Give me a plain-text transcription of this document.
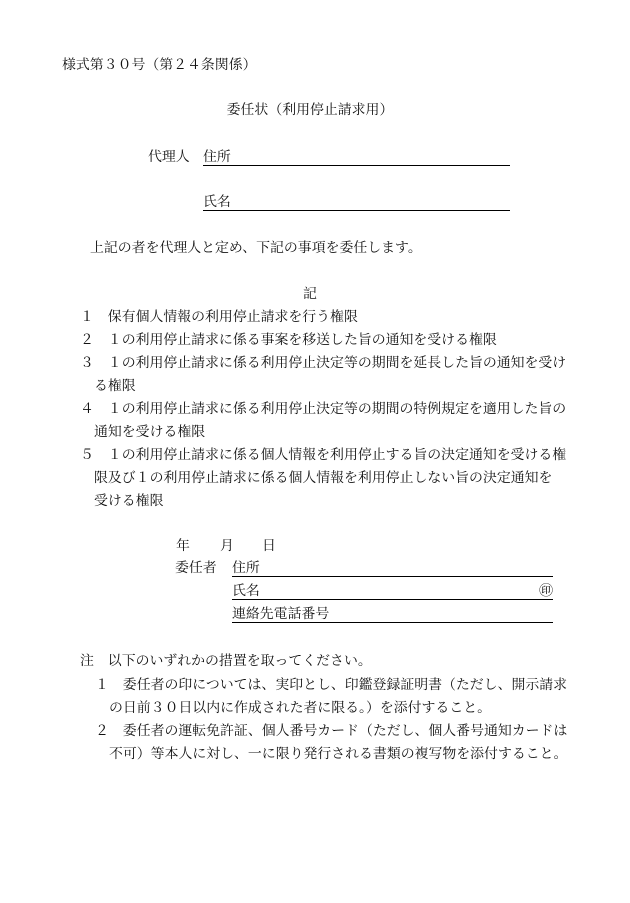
様式第３０号（第２４条関係）
委任状（利用停止請求用）
代理人 住所
氏名
上記の者を代理人と定め、下記の事項を委任します。
記
１ 保有個人情報の利用停止請求を行う権限
２ １の利用停止請求に係る事案を移送した旨の通知を受ける権限
３ １の利用停止請求に係る利用停止決定等の期間を延長した旨の通知を受け
る権限
４ １の利用停止請求に係る利用停止決定等の期間の特例規定を適用した旨の
通知を受ける権限
５ １の利用停止請求に係る個人情報を利用停止する旨の決定通知を受ける権
限及び１の利用停止請求に係る個人情報を利用停止しない旨の決定通知を
受ける権限
年 月 日
委任者 住所
氏名	㊞
連絡先電話番号
注 以下のいずれかの措置を取ってください。
１ 委任者の印については、実印とし、印鑑登録証明書（ただし、開示請求
の日前３０日以内に作成された者に限る。）を添付すること。
２ 委任者の運転免許証、個人番号カード（ただし、個人番号通知カードは
不可）等本人に対し、一に限り発行される書類の複写物を添付すること。
